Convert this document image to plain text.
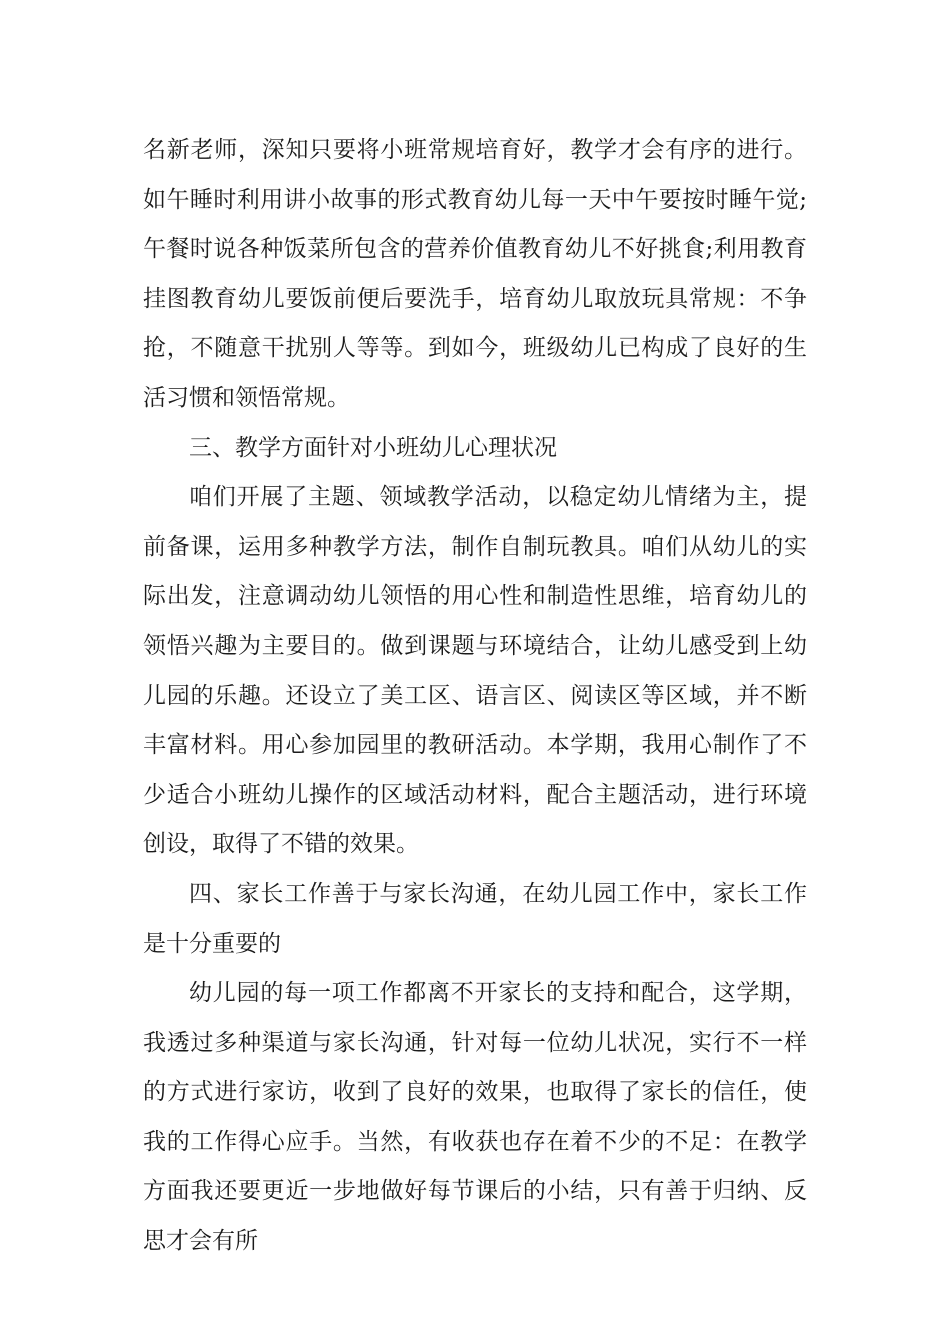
名新老师，深知只要将小班常规培育好，教学才会有序的进行。如午睡时利用讲小故事的形式教育幼儿每一天中午要按时睡午觉;午餐时说各种饭菜所包含的营养价值教育幼儿不好挑食;利用教育挂图教育幼儿要饭前便后要洗手，培育幼儿取放玩具常规：不争抢，不随意干扰别人等等。到如今，班级幼儿已构成了良好的生活习惯和领悟常规。

三、教学方面针对小班幼儿心理状况

咱们开展了主题、领域教学活动，以稳定幼儿情绪为主，提前备课，运用多种教学方法，制作自制玩教具。咱们从幼儿的实际出发，注意调动幼儿领悟的用心性和制造性思维，培育幼儿的领悟兴趣为主要目的。做到课题与环境结合，让幼儿感受到上幼儿园的乐趣。还设立了美工区、语言区、阅读区等区域，并不断丰富材料。用心参加园里的教研活动。本学期，我用心制作了不少适合小班幼儿操作的区域活动材料，配合主题活动，进行环境创设，取得了不错的效果。

四、家长工作善于与家长沟通，在幼儿园工作中，家长工作是十分重要的

幼儿园的每一项工作都离不开家长的支持和配合，这学期，我透过多种渠道与家长沟通，针对每一位幼儿状况，实行不一样的方式进行家访，收到了良好的效果，也取得了家长的信任，使我的工作得心应手。当然，有收获也存在着不少的不足：在教学方面我还要更近一步地做好每节课后的小结，只有善于归纳、反思才会有所
